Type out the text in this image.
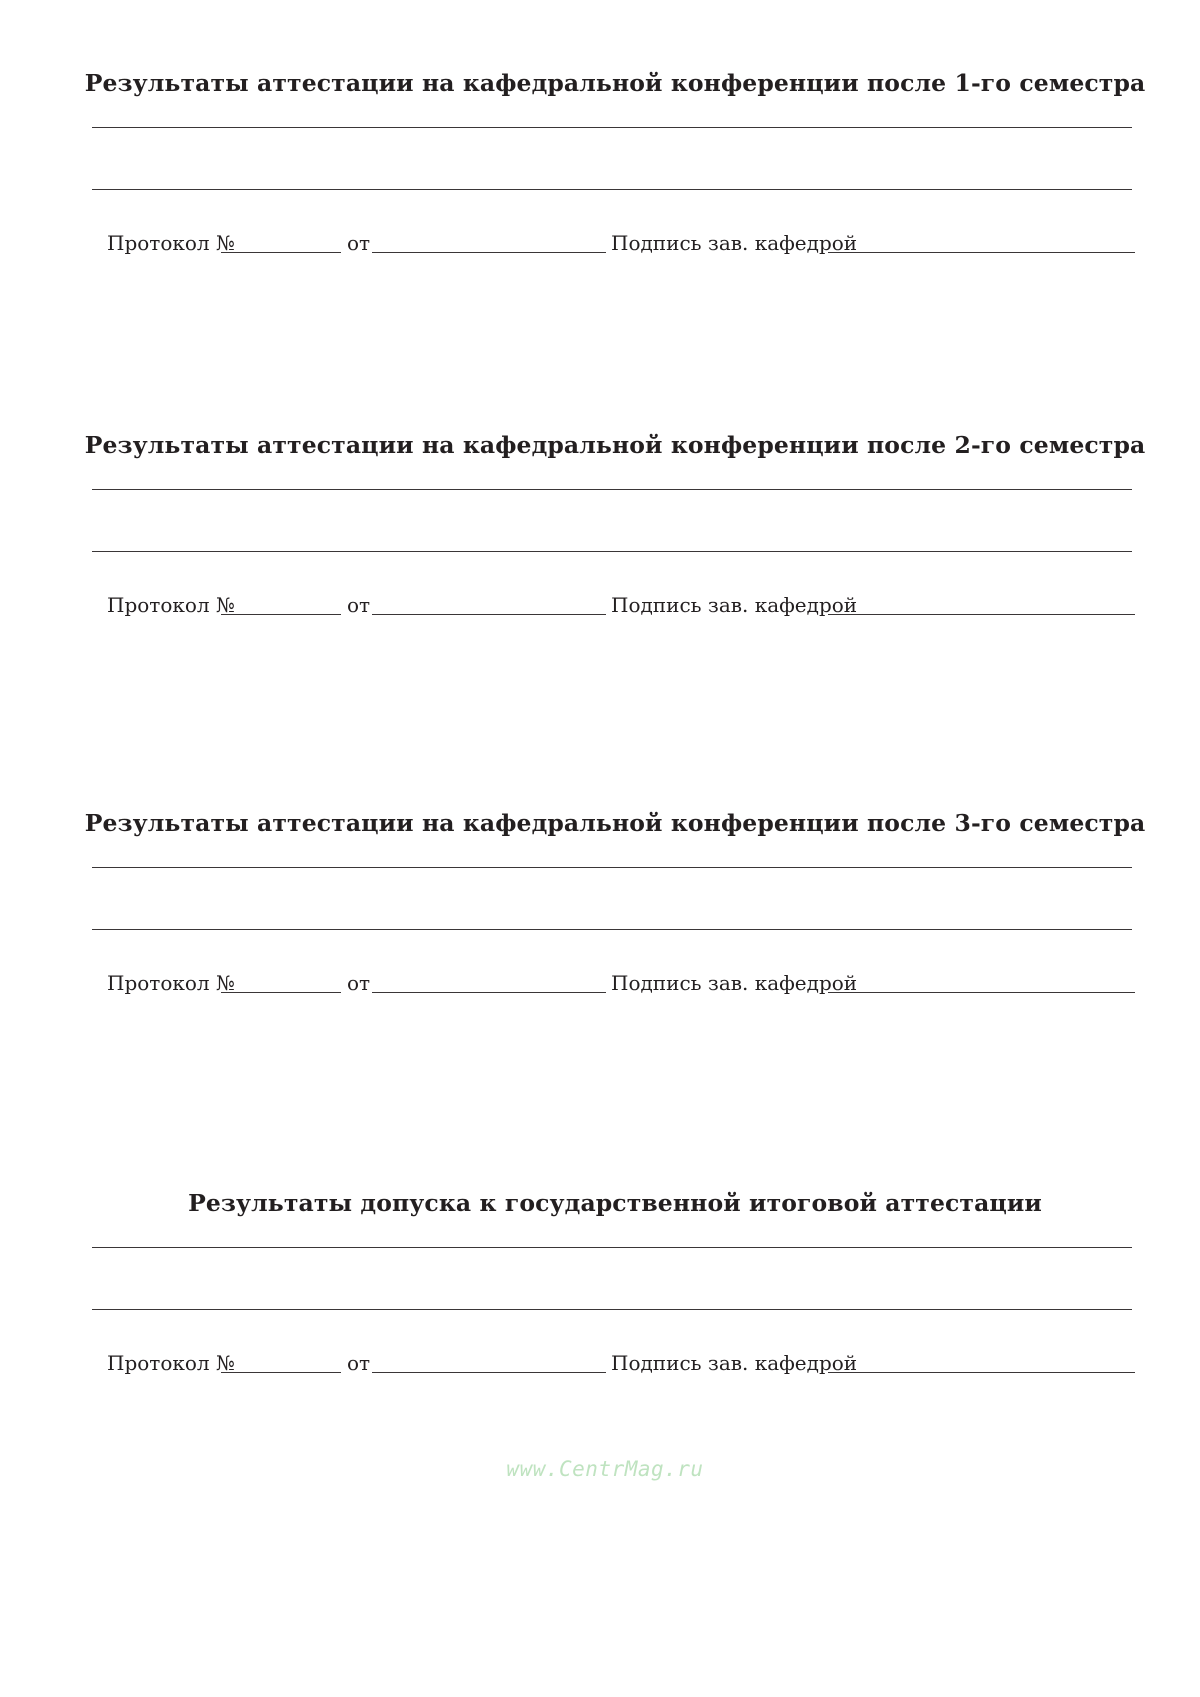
Результаты аттестации на кафедральной конференции после 1-го семестра
Протокол №	от	Подпись зав. кафедрой
Результаты аттестации на кафедральной конференции после 2-го семестра
Протокол №	от	Подпись зав. кафедрой
Результаты аттестации на кафедральной конференции после 3-го семестра
Протокол №	от	Подпись зав. кафедрой
Результаты допуска к государственной итоговой аттестации
Протокол №	от	Подпись зав. кафедрой
www.CentrMag.ru
